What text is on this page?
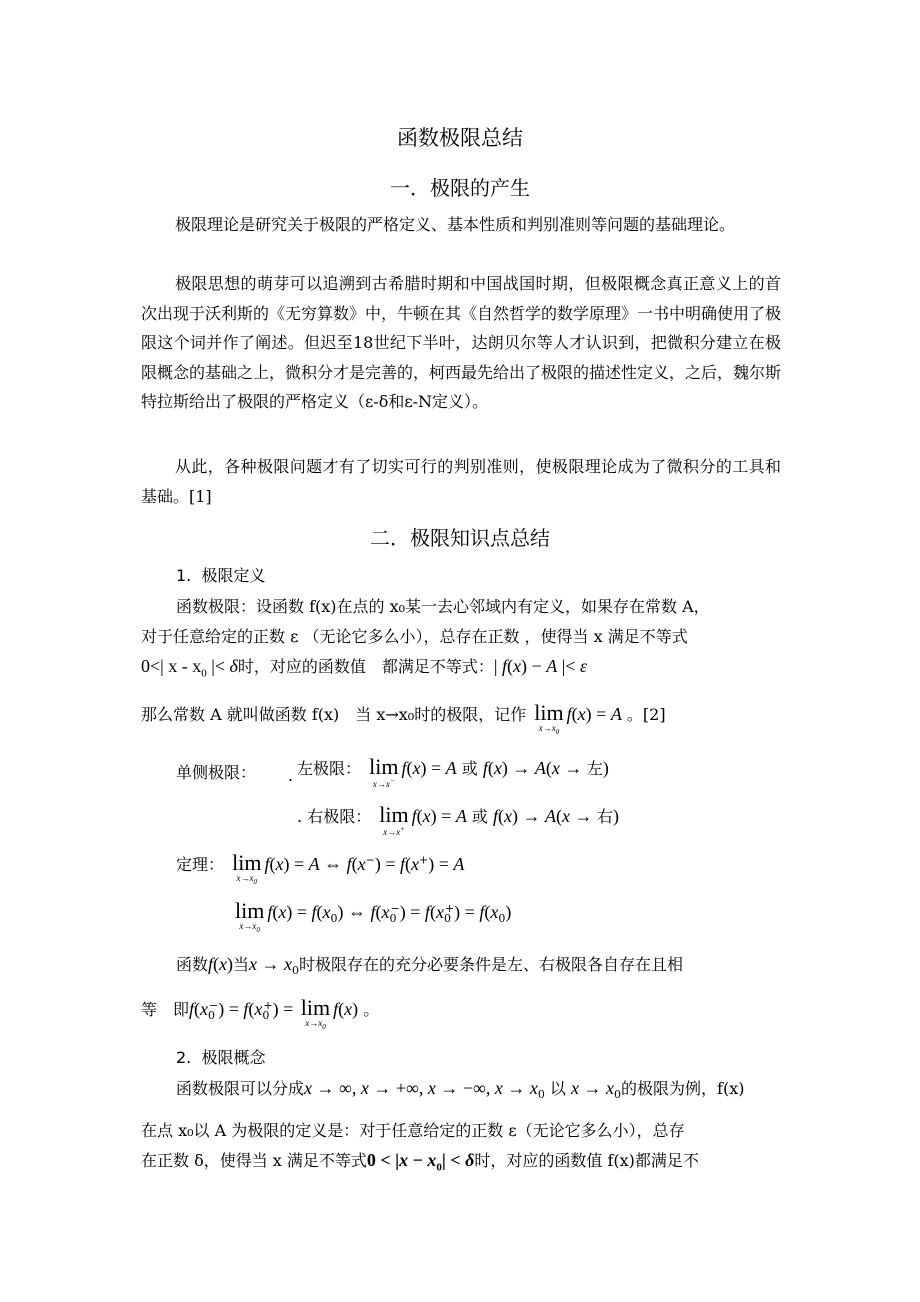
函数极限总结
一．极限的产生
极限理论是研究关于极限的严格定义、基本性质和判别准则等问题的基础理论。
极限思想的萌芽可以追溯到古希腊时期和中国战国时期，但极限概念真正意义上的首次出现于沃利斯的《无穷算数》中，牛顿在其《自然哲学的数学原理》一书中明确使用了极限这个词并作了阐述。但迟至18世纪下半叶，达朗贝尔等人才认识到，把微积分建立在极限概念的基础之上，微积分才是完善的，柯西最先给出了极限的描述性定义，之后，魏尔斯特拉斯给出了极限的严格定义（ε-δ和ε-N定义）。
从此，各种极限问题才有了切实可行的判别准则，使极限理论成为了微积分的工具和基础。[1]
二．极限知识点总结
1. 极限定义
函数极限：设函数 f(x)在点的 x₀某一去心邻域内有定义，如果存在常数 A，
对于任意给定的正数 ε （无论它多么小），总存在正数 ，使得当 x 满足不等式
0<| x - $x_0$ |< δ时，对应的函数值　都满足不等式：| f(x) − A |< ε
那么常数 A 就叫做函数 f(x)　当 x→x₀时的极限，记作 lim
$x\to x_0$
f(x) = A 。[2]
单侧极限： . 左极限： lim
x→x−
f(x) = A 或 f(x) → A(x → 左)
. 右极限： lim
x→x+
f(x) = A 或 f(x) → A(x → 右)
定理： lim
$x\to x_0$
f(x) = A ⇔ f(x−) = f(x+) = A
lim
$x\to x_0$
$f(x) = f(x_0)$ ⇔ $f(x_0^-) = f(x_0^+) = f(x_0)$
函数f(x)当$x \to x_0$时极限存在的充分必要条件是左、右极限各自存在且相
等　即$f(x_0^-) = f(x_0^+) = \lim$
$x\to x_0$
f(x) 。
2. 极限概念
函数极限可以分成x → ∞, x → +∞, x → −∞, $x \to x_0$ 以 $x \to x_0$的极限为例，f(x)
在点 x₀以 A 为极限的定义是：对于任意给定的正数 ε（无论它多么小），总存
在正数 δ，使得当 x 满足不等式$0 < |x - x_0| < \delta$时，对应的函数值 f(x)都满足不
